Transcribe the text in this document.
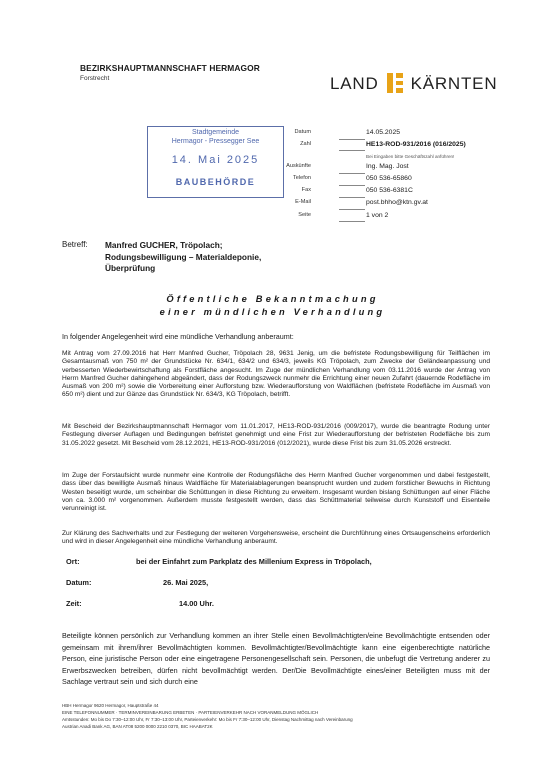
BEZIRKSHAUPTMANNSCHAFT HERMAGOR
Forstrecht	LAND KÄRNTEN
Stadtgemeinde
Hermagor - Pressegger See
14. Mai 2025
BAUBEHÖRDE
Datum	14.05.2025
Zahl	HE13-ROD-931/2016 (016/2025)
Bei Eingaben bitte Geschäftszahl anführen!
Auskünfte	Ing. Mag. Jost
Telefon	050 536-65860
Fax	050 536-6381C
E-Mail	post.bhho@ktn.gv.at
Seite	1 von 2
Betreff: Manfred GUCHER, Tröpolach;
Rodungsbewilligung – Materialdeponie,
Überprüfung
Öffentliche Bekanntmachung
einer mündlichen Verhandlung
In folgender Angelegenheit wird eine mündliche Verhandlung anberaumt:
Mit Antrag vom 27.09.2016 hat Herr Manfred Gucher, Tröpolach 28, 9631 Jenig, um die befristete Rodungsbewilligung für Teilflächen im Gesamtausmaß von 750 m² der Grundstücke Nr. 634/1, 634/2 und 634/3, jeweils KG Tröpolach, zum Zwecke der Geländeanpassung und verbesserten Wiederbewirtschaftung als Forstfläche angesucht. Im Zuge der mündlichen Verhandlung vom 03.11.2016 wurde der Antrag von Herrn Manfred Gucher dahingehend abgeändert, dass der Rodungszweck nunmehr die Errichtung einer neuen Zufahrt (dauernde Rodefläche im Ausmaß von 200 m²) sowie die Vorbereitung einer Aufforstung bzw. Wiederaufforstung von Waldflächen (befristete Rodefläche im Ausmaß von 650 m²) dient und zur Gänze das Grundstück Nr. 634/3, KG Tröpolach, betrifft.
Mit Bescheid der Bezirkshauptmannschaft Hermagor vom 11.01.2017, HE13-ROD-931/2016 (009/2017), wurde die beantragte Rodung unter Festlegung diverser Auflagen und Bedingungen befristet genehmigt und eine Frist zur Wiederaufforstung der befristeten Rodefläche bis zum 31.05.2022 gesetzt. Mit Bescheid vom 28.12.2021, HE13-ROD-931/2016 (012/2021), wurde diese Frist bis zum 31.05.2026 erstreckt.
Im Zuge der Forstaufsicht wurde nunmehr eine Kontrolle der Rodungsfläche des Herrn Manfred Gucher vorgenommen und dabei festgestellt, dass über das bewilligte Ausmaß hinaus Waldfläche für Materialablagerungen beansprucht wurden und zudem forstlicher Bewuchs in Richtung Westen beseitigt wurde, um scheinbar die Schüttungen in diese Richtung zu erweitern. Insgesamt wurden bislang Schüttungen auf einer Fläche von ca. 3.000 m² vorgenommen. Außerdem musste festgestellt werden, dass das Schüttmaterial teilweise durch Kunststoff und Eisenteile verunreinigt ist.
Zur Klärung des Sachverhalts und zur Festlegung der weiteren Vorgehensweise, erscheint die Durchführung eines Ortsaugenscheins erforderlich und wird in dieser Angelegenheit eine mündliche Verhandlung anberaumt.
Ort:	bei der Einfahrt zum Parkplatz des Millenium Express in Tröpolach,
Datum:	26. Mai 2025,
Zeit:	14.00 Uhr.
Beteiligte können persönlich zur Verhandlung kommen an ihrer Stelle einen Bevollmächtigten/eine Bevollmächtigte entsenden oder gemeinsam mit ihrem/ihrer Bevollmächtigten kommen. Bevollmächtigter/Bevollmächtigte kann eine eigenberechtigte natürliche Person, eine juristische Person oder eine eingetragene Personengesellschaft sein. Personen, die unbefugt die Vertretung anderer zu Erwerbszwecken betreiben, dürfen nicht bevollmächtigt werden. Der/Die Bevollmächtigte eines/einer Beteiligten muss mit der Sachlage vertraut sein und sich durch eine
HBH Hermagor 9620 Hermagor, Hauptstraße 44
EINE TELEFONNUMMER · TERMINVEREINBARUNG ERBETEN · PARTEIENVERKEHR NACH VORANMELDUNG MÖGLICH
Amtsstunden: Mo bis Do 7:30–12:00 Uhr, Fr 7:30–13:00 Uhr, Parteienverkehr: Mo bis Fr 7:30–12:00 Uhr, Dienstag Nachmittag nach Vereinbarung
Austrian Anadi Bank AG, BAN AT08 5200 0000 2210 0370, BIC HAABAT2K
